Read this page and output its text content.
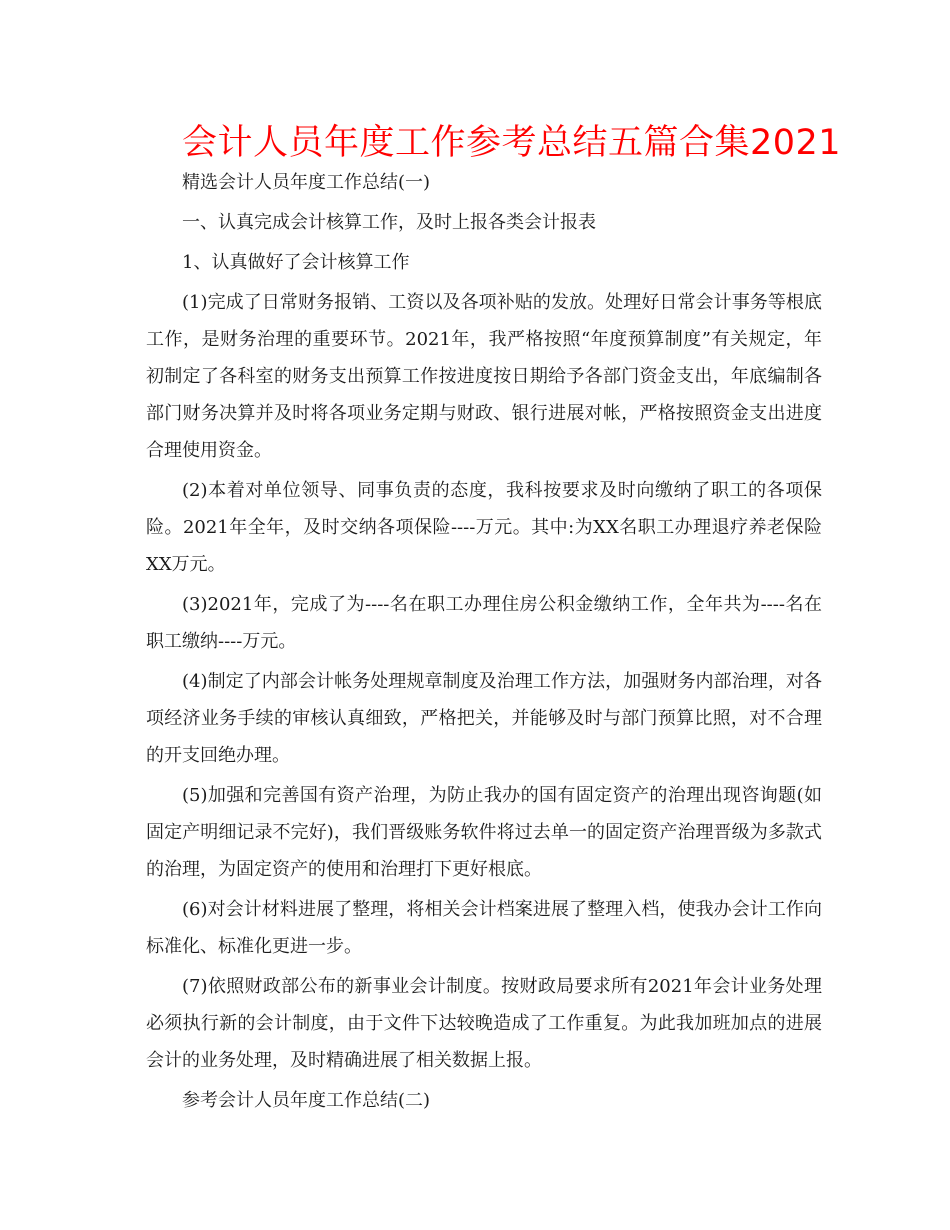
会计人员年度工作参考总结五篇合集2021

精选会计人员年度工作总结(一)

一、认真完成会计核算工作，及时上报各类会计报表

1、认真做好了会计核算工作

(1)完成了日常财务报销、工资以及各项补贴的发放。处理好日常会计事务等根底工作，是财务治理的重要环节。2021年，我严格按照“年度预算制度”有关规定，年初制定了各科室的财务支出预算工作按进度按日期给予各部门资金支出，年底编制各部门财务决算并及时将各项业务定期与财政、银行进展对帐，严格按照资金支出进度合理使用资金。

(2)本着对单位领导、同事负责的态度，我科按要求及时向缴纳了职工的各项保险。2021年全年，及时交纳各项保险----万元。其中:为XX名职工办理退疗养老保险XX万元。

(3)2021年，完成了为----名在职工办理住房公积金缴纳工作，全年共为----名在职工缴纳----万元。

(4)制定了内部会计帐务处理规章制度及治理工作方法，加强财务内部治理，对各项经济业务手续的审核认真细致，严格把关，并能够及时与部门预算比照，对不合理的开支回绝办理。

(5)加强和完善国有资产治理，为防止我办的国有固定资产的治理出现咨询题(如固定产明细记录不完好)，我们晋级账务软件将过去单一的固定资产治理晋级为多款式的治理，为固定资产的使用和治理打下更好根底。

(6)对会计材料进展了整理，将相关会计档案进展了整理入档，使我办会计工作向标准化、标准化更进一步。

(7)依照财政部公布的新事业会计制度。按财政局要求所有2021年会计业务处理必须执行新的会计制度，由于文件下达较晚造成了工作重复。为此我加班加点的进展会计的业务处理，及时精确进展了相关数据上报。

参考会计人员年度工作总结(二)
